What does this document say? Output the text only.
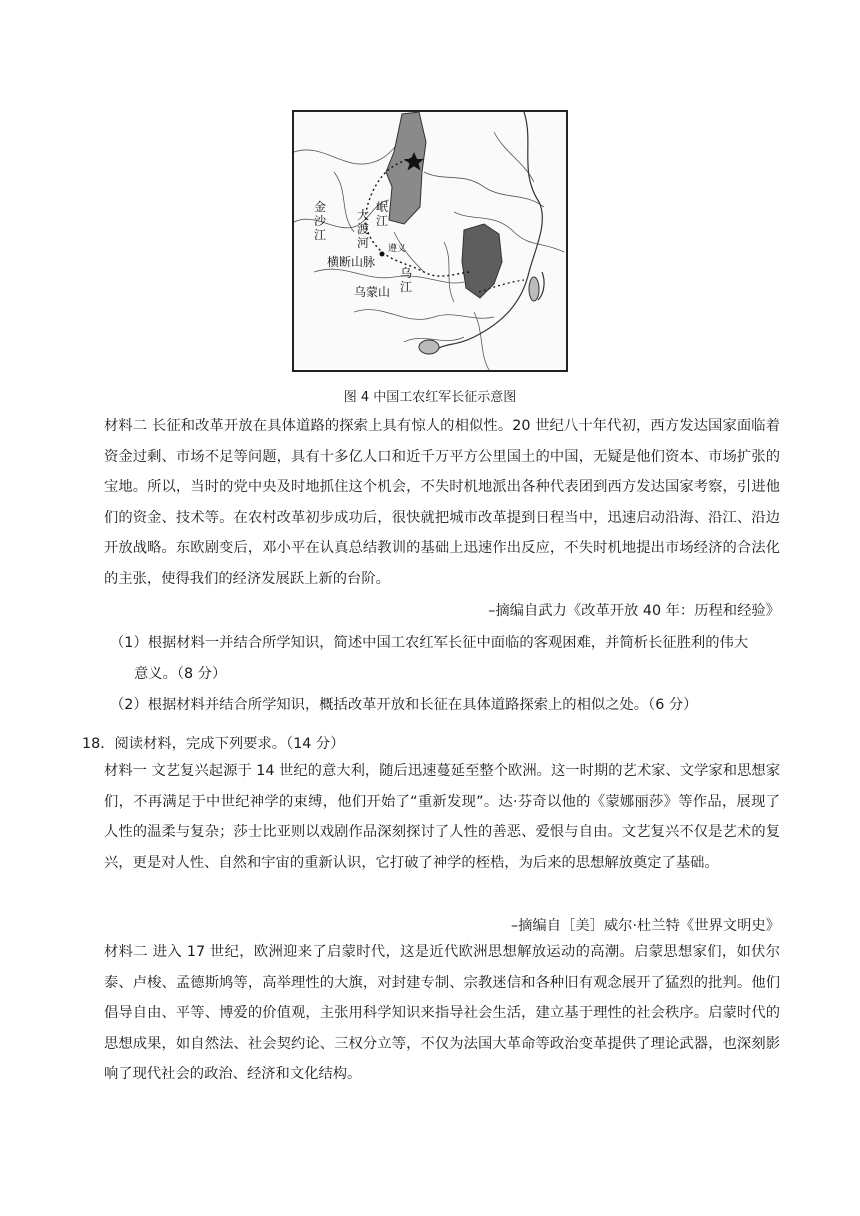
金沙江
大渡河
岷江
横断山脉
乌江
遵义
乌蒙山
图 4 中国工农红军长征示意图

材料二 长征和改革开放在具体道路的探索上具有惊人的相似性。20 世纪八十年代初，西方发达国家面临着资金过剩、市场不足等问题，具有十多亿人口和近千万平方公里国土的中国，无疑是他们资本、市场扩张的宝地。所以，当时的党中央及时地抓住这个机会，不失时机地派出各种代表团到西方发达国家考察，引进他们的资金、技术等。在农村改革初步成功后，很快就把城市改革提到日程当中，迅速启动沿海、沿江、沿边开放战略。东欧剧变后，邓小平在认真总结教训的基础上迅速作出反应，不失时机地提出市场经济的合法化的主张，使得我们的经济发展跃上新的台阶。

–摘编自武力《改革开放 40 年：历程和经验》

（1）根据材料一并结合所学知识，简述中国工农红军长征中面临的客观困难，并简析长征胜利的伟大
意义。（8 分）

（2）根据材料并结合所学知识，概括改革开放和长征在具体道路探索上的相似之处。（6 分）

18．阅读材料，完成下列要求。（14 分）

材料一 文艺复兴起源于 14 世纪的意大利，随后迅速蔓延至整个欧洲。这一时期的艺术家、文学家和思想家们，不再满足于中世纪神学的束缚，他们开始了“重新发现”。达·芬奇以他的《蒙娜丽莎》等作品，展现了人性的温柔与复杂；莎士比亚则以戏剧作品深刻探讨了人性的善恶、爱恨与自由。文艺复兴不仅是艺术的复兴，更是对人性、自然和宇宙的重新认识，它打破了神学的桎梏，为后来的思想解放奠定了基础。

–摘编自［美］威尔·杜兰特《世界文明史》

材料二 进入 17 世纪，欧洲迎来了启蒙时代，这是近代欧洲思想解放运动的高潮。启蒙思想家们，如伏尔泰、卢梭、孟德斯鸠等，高举理性的大旗，对封建专制、宗教迷信和各种旧有观念展开了猛烈的批判。他们倡导自由、平等、博爱的价值观，主张用科学知识来指导社会生活，建立基于理性的社会秩序。启蒙时代的思想成果，如自然法、社会契约论、三权分立等，不仅为法国大革命等政治变革提供了理论武器，也深刻影响了现代社会的政治、经济和文化结构。
